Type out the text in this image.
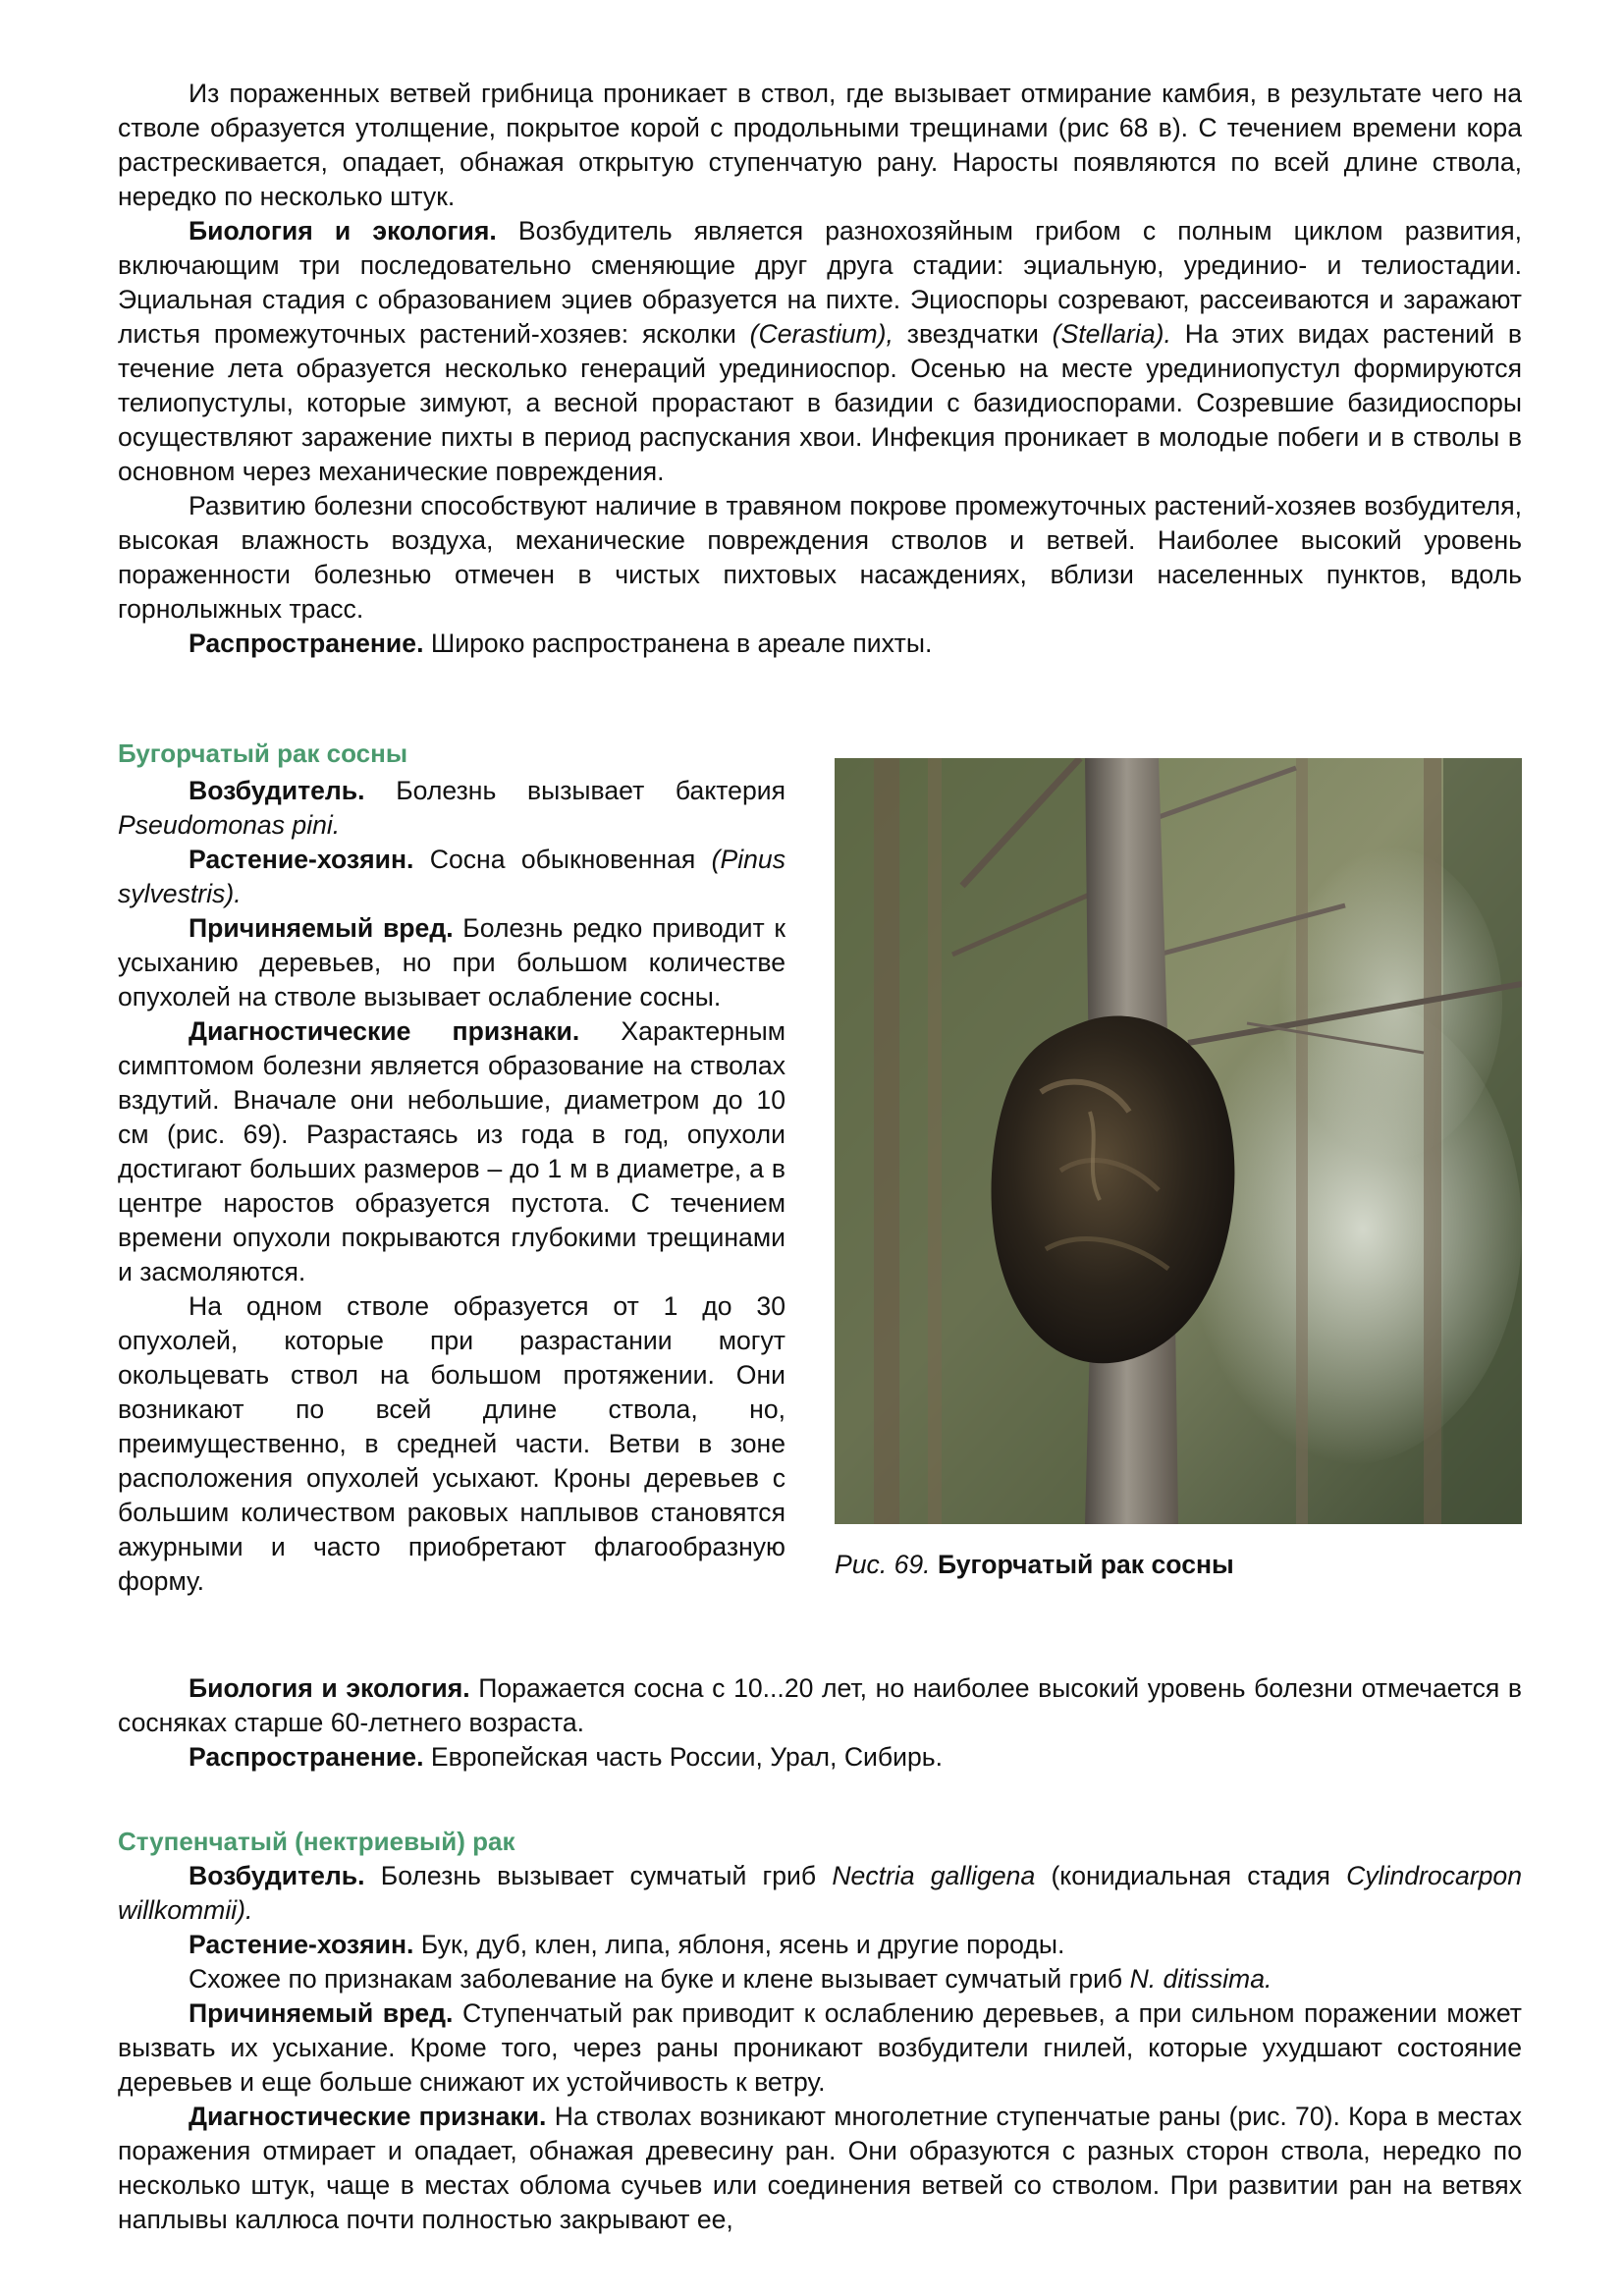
Из пораженных ветвей грибница проникает в ствол, где вызывает отмирание камбия, в результате чего на стволе образуется утолщение, покрытое корой с продольными трещинами (рис 68 в). С течением времени кора растрескивается, опадает, обнажая открытую ступенчатую рану. Наросты появляются по всей длине ствола, нередко по несколько штук.

Биология и экология. Возбудитель является разнохозяйным грибом с полным циклом развития, включающим три последовательно сменяющие друг друга стадии: эциальную, урединио- и телиостадии. Эциальная стадия с образованием эциев образуется на пихте. Эциоспоры созревают, рассеиваются и заражают листья промежуточных растений-хозяев: ясколки (Cerastium), звездчатки (Stellaria). На этих видах растений в течение лета образуется несколько генераций урединиоспор. Осенью на месте урединиопустул формируются телиопустулы, которые зимуют, а весной прорастают в базидии с базидиоспорами. Созревшие базидиоспоры осуществляют заражение пихты в период распускания хвои. Инфекция проникает в молодые побеги и в стволы в основном через механические повреждения.

Развитию болезни способствуют наличие в травяном покрове промежуточных растений-хозяев возбудителя, высокая влажность воздуха, механические повреждения стволов и ветвей. Наиболее высокий уровень пораженности болезнью отмечен в чистых пихтовых насаждениях, вблизи населенных пунктов, вдоль горнолыжных трасс.

Распространение. Широко распространена в ареале пихты.

Бугорчатый рак сосны

Возбудитель. Болезнь вызывает бактерия Pseudomonas pini.

Растение-хозяин. Сосна обыкновенная (Pinus sylvestris).

Причиняемый вред. Болезнь редко приводит к усыханию деревьев, но при большом количестве опухолей на стволе вызывает ослабление сосны.

Диагностические признаки. Характерным симптомом болезни является образование на стволах вздутий. Вначале они небольшие, диаметром до 10 см (рис. 69). Разрастаясь из года в год, опухоли достигают больших размеров – до 1 м в диаметре, а в центре наростов образуется пустота. С течением времени опухоли покрываются глубокими трещинами и засмоляются.

На одном стволе образуется от 1 до 30 опухолей, которые при разрастании могут окольцевать ствол на большом протяжении. Они возникают по всей длине ствола, но, преимущественно, в средней части. Ветви в зоне расположения опухолей усыхают. Кроны деревьев с большим количеством раковых наплывов становятся ажурными и часто приобретают флагообразную форму.

Рис. 69. Бугорчатый рак сосны

Биология и экология. Поражается сосна с 10...20 лет, но наиболее высокий уровень болезни отмечается в сосняках старше 60-летнего возраста.

Распространение. Европейская часть России, Урал, Сибирь.

Ступенчатый (нектриевый) рак

Возбудитель. Болезнь вызывает сумчатый гриб Nectria galligena (конидиальная стадия Cylindrocarpon willkommii).

Растение-хозяин. Бук, дуб, клен, липа, яблоня, ясень и другие породы.

Схожее по признакам заболевание на буке и клене вызывает сумчатый гриб N. ditissima.

Причиняемый вред. Ступенчатый рак приводит к ослаблению деревьев, а при сильном поражении может вызвать их усыхание. Кроме того, через раны проникают возбудители гнилей, которые ухудшают состояние деревьев и еще больше снижают их устойчивость к ветру.

Диагностические признаки. На стволах возникают многолетние ступенчатые раны (рис. 70). Кора в местах поражения отмирает и опадает, обнажая древесину ран. Они образуются с разных сторон ствола, нередко по несколько штук, чаще в местах облома сучьев или соединения ветвей со стволом. При развитии ран на ветвях наплывы каллюса почти полностью закрывают ее,
